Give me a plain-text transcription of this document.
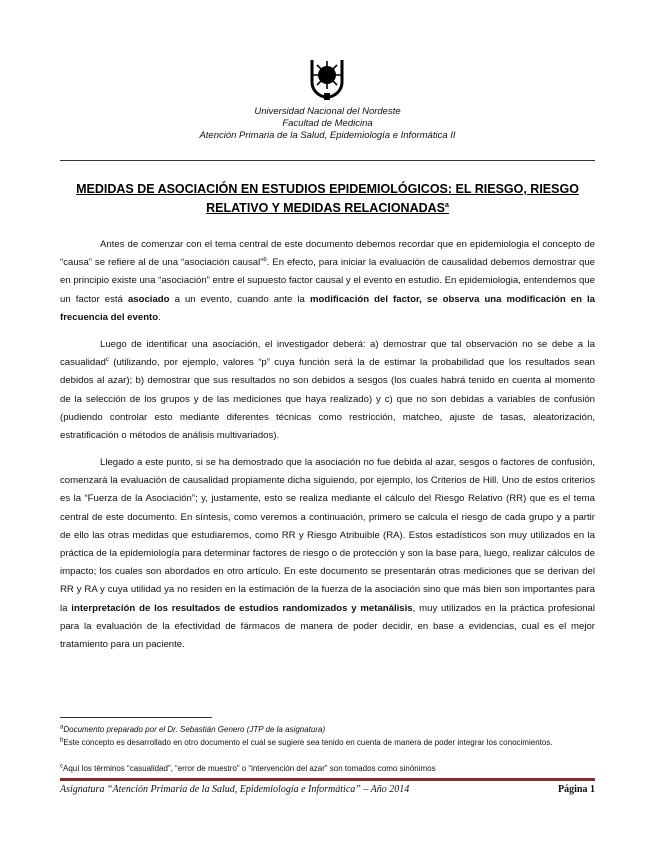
Universidad Nacional del Nordeste
Facultad de Medicina
Atención Primaria de la Salud, Epidemiología e Informática II
MEDIDAS DE ASOCIACIÓN EN ESTUDIOS EPIDEMIOLÓGICOS: EL RIESGO, RIESGO
RELATIVO Y MEDIDAS RELACIONADAS$^a$

Antes de comenzar con el tema central de este documento debemos recordar que en epidemiologia el concepto de “causa” se refiere al de una “asociación causal”$^b$. En efecto, para iniciar la evaluación de causalidad debemos demostrar que en principio existe una “asociación” entre el supuesto factor causal y el evento en estudio. En epidemiologia, entendemos que un factor está asociado a un evento, cuando ante la modificación del factor, se observa una modificación en la frecuencia del evento.

Luego de identificar una asociación, el investigador deberá: a) demostrar que tal observación no se debe a la casualidad$^c$ (utilizando, por ejemplo, valores “p” cuya función será la de estimar la probabilidad que los resultados sean debidos al azar); b) demostrar que sus resultados no son debidos a sesgos (los cuales habrá tenido en cuenta al momento de la selección de los grupos y de las mediciones que haya realizado) y c) que no son debidas a variables de confusión (pudiendo controlar esto mediante diferentes técnicas como restricción, matcheo, ajuste de tasas, aleatorización, estratificación o métodos de análisis multivariados).

Llegado a este punto, si se ha demostrado que la asociación no fue debida al azar, sesgos o factores de confusión, comenzará la evaluación de causalidad propiamente dicha siguiendo, por ejemplo, los Criterios de Hill. Uno de estos criterios es la “Fuerza de la Asociación”; y, justamente, esto se realiza mediante el cálculo del Riesgo Relativo (RR) que es el tema central de este documento. En síntesis, como veremos a continuación, primero se calcula el riesgo de cada grupo y a partir de ello las otras medidas que estudiaremos, como RR y Riesgo Atribuible (RA). Estos estadísticos son muy utilizados en la práctica de la epidemiología para determinar factores de riesgo o de protección y son la base para, luego, realizar cálculos de impacto; los cuales son abordados en otro artículo. En este documento se presentarán otras mediciones que se derivan del RR y RA y cuya utilidad ya no residen en la estimación de la fuerza de la asociación sino que más bien son importantes para la interpretación de los resultados de estudios randomizados y metanálisis, muy utilizados en la práctica profesional para la evaluación de la efectividad de fármacos de manera de poder decidir, en base a evidencias, cual es el mejor tratamiento para un paciente.

$^a$Documento preparado por el Dr. Sebastián Genero (JTP de la asignatura)
$^b$Este concepto es desarrollado en otro documento el cual se sugiere sea tenido en cuenta de manera de poder integrar los conocimientos.
$^c$Aquí los términos “casualidad”, “error de muestro” o “intervención del azar” son tomados como sinónimos
Asignatura “Atención Primaria de la Salud, Epidemiología e Informática” – Año 2014	Página 1
